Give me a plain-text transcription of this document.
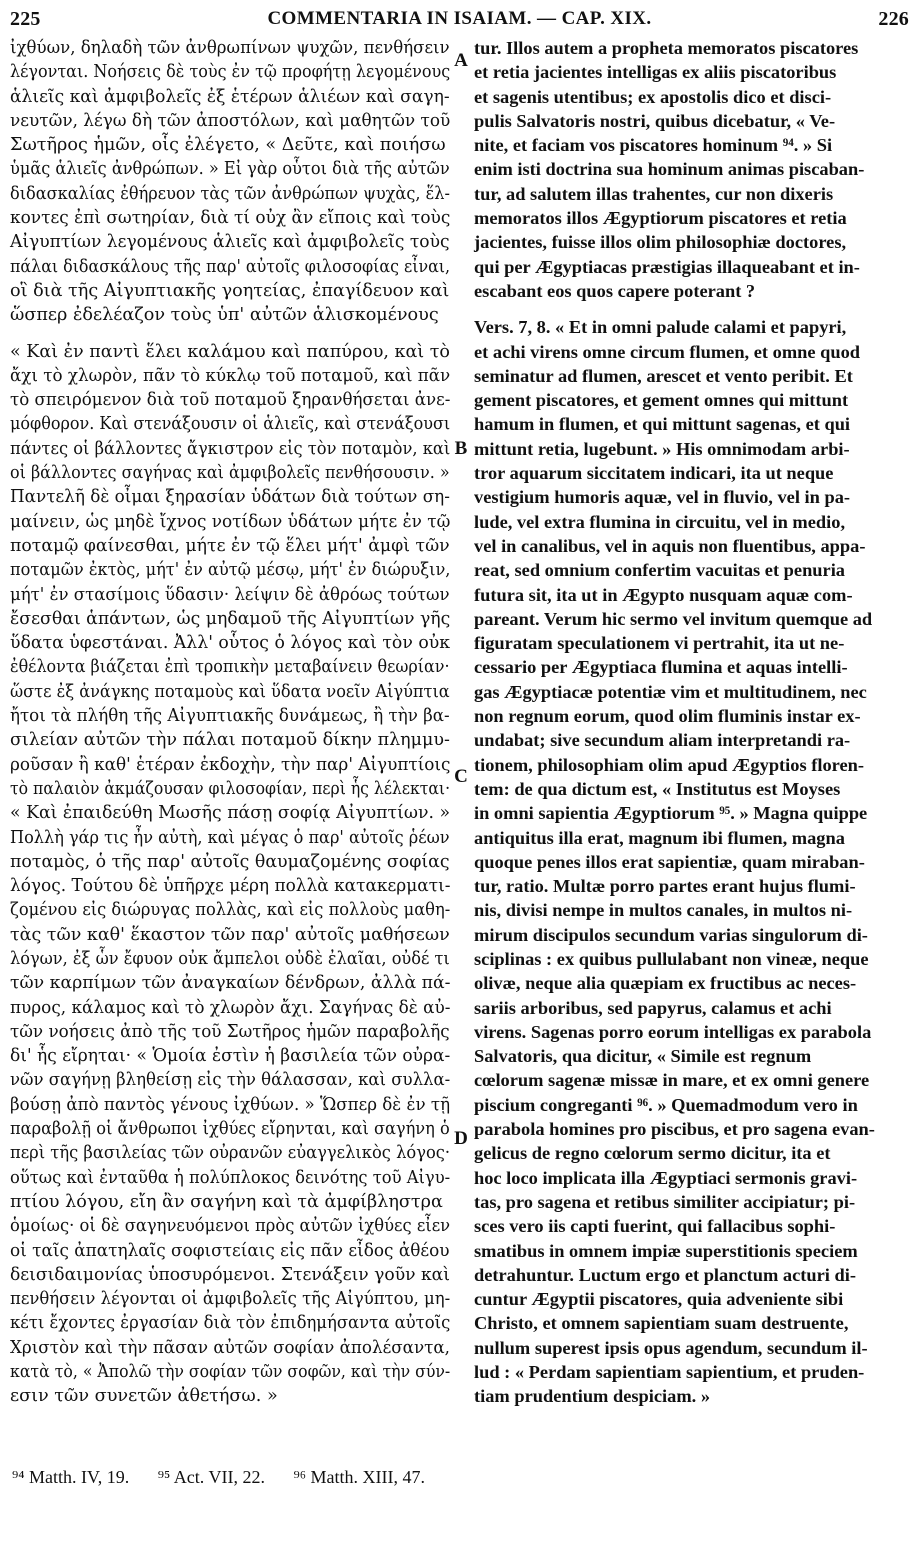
225	COMMENTARIA IN ISAIAM. — CAP. XIX.	226
ἰχθύων, δηλαδὴ τῶν ἀνθρωπίνων ψυχῶν, πενθήσειν
λέγονται. Νοήσεις δὲ τοὺς ἐν τῷ προφήτῃ λεγομένους
ἁλιεῖς καὶ ἀμφιβολεῖς ἐξ ἑτέρων ἁλιέων καὶ σαγη-
νευτῶν, λέγω δὴ τῶν ἀποστόλων, καὶ μαθητῶν τοῦ
Σωτῆρος ἡμῶν, οἷς ἐλέγετο, « Δεῦτε, καὶ ποιήσω
ὑμᾶς ἁλιεῖς ἀνθρώπων. » Εἰ γὰρ οὗτοι διὰ τῆς αὐτῶν
διδασκαλίας ἐθήρευον τὰς τῶν ἀνθρώπων ψυχὰς, ἕλ-
κοντες ἐπὶ σωτηρίαν, διὰ τί οὐχ ἂν εἴποις καὶ τοὺς
Αἰγυπτίων λεγομένους ἁλιεῖς καὶ ἀμφιβολεῖς τοὺς
πάλαι διδασκάλους τῆς παρ' αὐτοῖς φιλοσοφίας εἶναι,
οἳ διὰ τῆς Αἰγυπτιακῆς γοητείας, ἐπαγίδευον καὶ
ὥσπερ ἐδελέαζον τοὺς ὑπ' αὐτῶν ἁλισκομένους
« Καὶ ἐν παντὶ ἕλει καλάμου καὶ παπύρου, καὶ τὸ
ἄχι τὸ χλωρὸν, πᾶν τὸ κύκλῳ τοῦ ποταμοῦ, καὶ πᾶν
τὸ σπειρόμενον διὰ τοῦ ποταμοῦ ξηρανθήσεται ἀνε-
μόφθορον. Καὶ στενάξουσιν οἱ ἁλιεῖς, καὶ στενάξουσι
πάντες οἱ βάλλοντες ἄγκιστρον εἰς τὸν ποταμὸν, καὶ
οἱ βάλλοντες σαγήνας καὶ ἀμφιβολεῖς πενθήσουσιν. »
Παντελῆ δὲ οἶμαι ξηρασίαν ὑδάτων διὰ τούτων ση-
μαίνειν, ὡς μηδὲ ἴχνος νοτίδων ὑδάτων μήτε ἐν τῷ
ποταμῷ φαίνεσθαι, μήτε ἐν τῷ ἕλει μήτ' ἀμφὶ τῶν
ποταμῶν ἐκτὸς, μήτ' ἐν αὐτῷ μέσῳ, μήτ' ἐν διώρυξιν,
μήτ' ἐν στασίμοις ὕδασιν· λείψιν δὲ ἀθρόως τούτων
ἔσεσθαι ἁπάντων, ὡς μηδαμοῦ τῆς Αἰγυπτίων γῆς
ὕδατα ὑφεστάναι. Ἀλλ' οὗτος ὁ λόγος καὶ τὸν οὐκ
ἐθέλοντα βιάζεται ἐπὶ τροπικὴν μεταβαίνειν θεωρίαν·
ὥστε ἐξ ἀνάγκης ποταμοὺς καὶ ὕδατα νοεῖν Αἰγύπτια
ἤτοι τὰ πλήθη τῆς Αἰγυπτιακῆς δυνάμεως, ἢ τὴν βα-
σιλείαν αὐτῶν τὴν πάλαι ποταμοῦ δίκην πλημμυ-
ροῦσαν ἢ καθ' ἑτέραν ἐκδοχὴν, τὴν παρ' Αἰγυπτίοις
τὸ παλαιὸν ἀκμάζουσαν φιλοσοφίαν, περὶ ἧς λέλεκται·
« Καὶ ἐπαιδεύθη Μωσῆς πάσῃ σοφίᾳ Αἰγυπτίων. »
Πολλὴ γάρ τις ἦν αὐτὴ, καὶ μέγας ὁ παρ' αὐτοῖς ῥέων
ποταμὸς, ὁ τῆς παρ' αὐτοῖς θαυμαζομένης σοφίας
λόγος. Τούτου δὲ ὑπῆρχε μέρη πολλὰ κατακερματι-
ζομένου εἰς διώρυγας πολλὰς, καὶ εἰς πολλοὺς μαθη-
τὰς τῶν καθ' ἕκαστον τῶν παρ' αὐτοῖς μαθήσεων
λόγων, ἐξ ὧν ἔφυον οὐκ ἄμπελοι οὐδὲ ἐλαῖαι, οὐδέ τι
τῶν καρπίμων τῶν ἀναγκαίων δένδρων, ἀλλὰ πά-
πυρος, κάλαμος καὶ τὸ χλωρὸν ἄχι. Σαγήνας δὲ αὐ-
τῶν νοήσεις ἀπὸ τῆς τοῦ Σωτῆρος ἡμῶν παραβολῆς
δι' ἧς εἴρηται· « Ὁμοία ἐστὶν ἡ βασιλεία τῶν οὐρα-
νῶν σαγήνῃ βληθείσῃ εἰς τὴν θάλασσαν, καὶ συλλα-
βούσῃ ἀπὸ παντὸς γένους ἰχθύων. » Ὥσπερ δὲ ἐν τῇ
παραβολῇ οἱ ἄνθρωποι ἰχθύες εἴρηνται, καὶ σαγήνη ὁ
περὶ τῆς βασιλείας τῶν οὐρανῶν εὐαγγελικὸς λόγος·
οὕτως καὶ ἐνταῦθα ἡ πολύπλοκος δεινότης τοῦ Αἰγυ-
πτίου λόγου, εἴη ἂν σαγήνη καὶ τὰ ἀμφίβληστρα
ὁμοίως· οἱ δὲ σαγηνευόμενοι πρὸς αὐτῶν ἰχθύες εἶεν
οἱ ταῖς ἀπατηλαῖς σοφιστείαις εἰς πᾶν εἶδος ἀθέου
δεισιδαιμονίας ὑποσυρόμενοι. Στενάξειν γοῦν καὶ
πενθήσειν λέγονται οἱ ἀμφιβολεῖς τῆς Αἰγύπτου, μη-
κέτι ἔχοντες ἐργασίαν διὰ τὸν ἐπιδημήσαντα αὐτοῖς
Χριστὸν καὶ τὴν πᾶσαν αὐτῶν σοφίαν ἀπολέσαντα,
κατὰ τὸ, « Ἀπολῶ τὴν σοφίαν τῶν σοφῶν, καὶ τὴν σύν-
εσιν τῶν συνετῶν ἀθετήσω. »
tur. Illos autem a propheta memoratos piscatores
et retia jacientes intelligas ex aliis piscatoribus
et sagenis utentibus; ex apostolis dico et disci-
pulis Salvatoris nostri, quibus dicebatur, « Ve-
nite, et faciam vos piscatores hominum ⁹⁴. » Si
enim isti doctrina sua hominum animas piscaban-
tur, ad salutem illas trahentes, cur non dixeris
memoratos illos Ægyptiorum piscatores et retia
jacientes, fuisse illos olim philosophiæ doctores,
qui per Ægyptiacas præstigias illaqueabant et in-
escabant eos quos capere poterant ?
Vers. 7, 8. « Et in omni palude calami et papyri,
et achi virens omne circum flumen, et omne quod
seminatur ad flumen, arescet et vento peribit. Et
gement piscatores, et gement omnes qui mittunt
hamum in flumen, et qui mittunt sagenas, et qui
mittunt retia, lugebunt. » His omnimodam arbi-
tror aquarum siccitatem indicari, ita ut neque
vestigium humoris aquæ, vel in fluvio, vel in pa-
lude, vel extra flumina in circuitu, vel in medio,
vel in canalibus, vel in aquis non fluentibus, appa-
reat, sed omnium confertim vacuitas et penuria
futura sit, ita ut in Ægypto nusquam aquæ com-
pareant. Verum hic sermo vel invitum quemque ad
figuratam speculationem vi pertrahit, ita ut ne-
cessario per Ægyptiaca flumina et aquas intelli-
gas Ægyptiacæ potentiæ vim et multitudinem, nec
non regnum eorum, quod olim fluminis instar ex-
undabat; sive secundum aliam interpretandi ra-
tionem, philosophiam olim apud Ægyptios floren-
tem: de qua dictum est, « Institutus est Moyses
in omni sapientia Ægyptiorum ⁹⁵. » Magna quippe
antiquitus illa erat, magnum ibi flumen, magna
quoque penes illos erat sapientiæ, quam miraban-
tur, ratio. Multæ porro partes erant hujus flumi-
nis, divisi nempe in multos canales, in multos ni-
mirum discipulos secundum varias singulorum di-
sciplinas : ex quibus pullulabant non vineæ, neque
olivæ, neque alia quæpiam ex fructibus ac neces-
sariis arboribus, sed papyrus, calamus et achi
virens. Sagenas porro eorum intelligas ex parabola
Salvatoris, qua dicitur, « Simile est regnum
cœlorum sagenæ missæ in mare, et ex omni genere
piscium congreganti ⁹⁶. » Quemadmodum vero in
parabola homines pro piscibus, et pro sagena evan-
gelicus de regno cœlorum sermo dicitur, ita et
hoc loco implicata illa Ægyptiaci sermonis gravi-
tas, pro sagena et retibus similiter accipiatur; pi-
sces vero iis capti fuerint, qui fallacibus sophi-
smatibus in omnem impiæ superstitionis speciem
detrahuntur. Luctum ergo et planctum acturi di-
cuntur Ægyptii piscatores, quia adveniente sibi
Christo, et omnem sapientiam suam destruente,
nullum superest ipsis opus agendum, secundum il-
lud : « Perdam sapientiam sapientium, et pruden-
tiam prudentium despiciam. »
A
B
C
D
⁹⁴ Matth. IV, 19. ⁹⁵ Act. VII, 22. ⁹⁶ Matth. XIII, 47.
